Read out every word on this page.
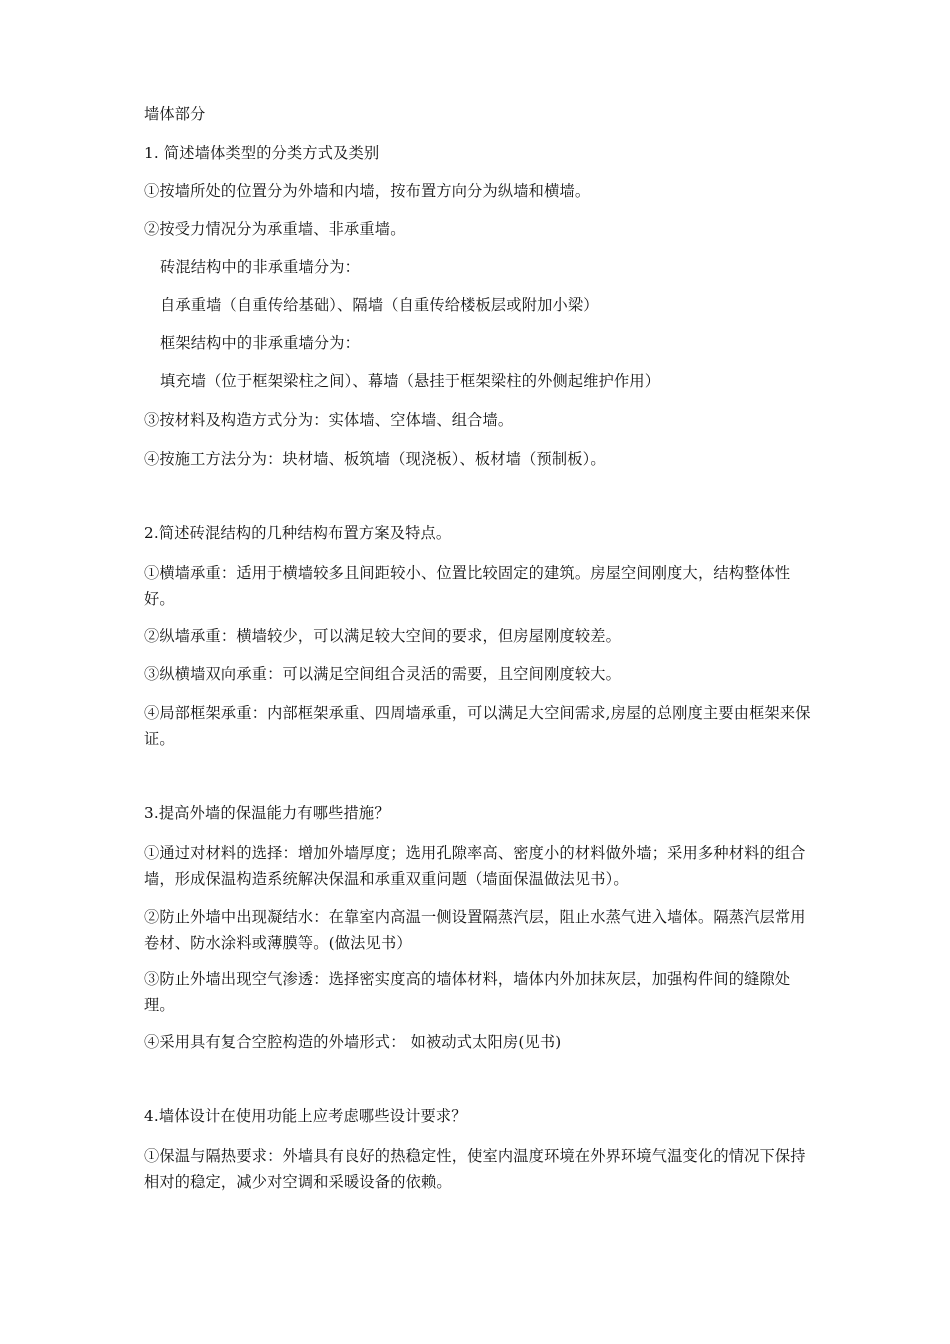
墙体部分
1. 简述墙体类型的分类方式及类别
①按墙所处的位置分为外墙和内墙，按布置方向分为纵墙和横墙。
②按受力情况分为承重墙、非承重墙。
砖混结构中的非承重墙分为：
自承重墙（自重传给基础）、隔墙（自重传给楼板层或附加小梁）
框架结构中的非承重墙分为：
填充墙（位于框架梁柱之间）、幕墙（悬挂于框架梁柱的外侧起维护作用）
③按材料及构造方式分为：实体墙、空体墙、组合墙。
④按施工方法分为：块材墙、板筑墙（现浇板）、板材墙（预制板）。
2.简述砖混结构的几种结构布置方案及特点。
①横墙承重：适用于横墙较多且间距较小、位置比较固定的建筑。房屋空间刚度大，结构整体性好。
②纵墙承重：横墙较少，可以满足较大空间的要求，但房屋刚度较差。
③纵横墙双向承重：可以满足空间组合灵活的需要，且空间刚度较大。
④局部框架承重：内部框架承重、四周墙承重，可以满足大空间需求,房屋的总刚度主要由框架来保证。
3.提高外墙的保温能力有哪些措施？
①通过对材料的选择：增加外墙厚度；选用孔隙率高、密度小的材料做外墙；采用多种材料的组合墙，形成保温构造系统解决保温和承重双重问题（墙面保温做法见书）。
②防止外墙中出现凝结水：在靠室内高温一侧设置隔蒸汽层，阻止水蒸气进入墙体。隔蒸汽层常用卷材、防水涂料或薄膜等。(做法见书）
③防止外墙出现空气渗透：选择密实度高的墙体材料，墙体内外加抹灰层，加强构件间的缝隙处理。
④采用具有复合空腔构造的外墙形式： 如被动式太阳房(见书)
4.墙体设计在使用功能上应考虑哪些设计要求？
①保温与隔热要求：外墙具有良好的热稳定性，使室内温度环境在外界环境气温变化的情况下保持相对的稳定，减少对空调和采暖设备的依赖。
